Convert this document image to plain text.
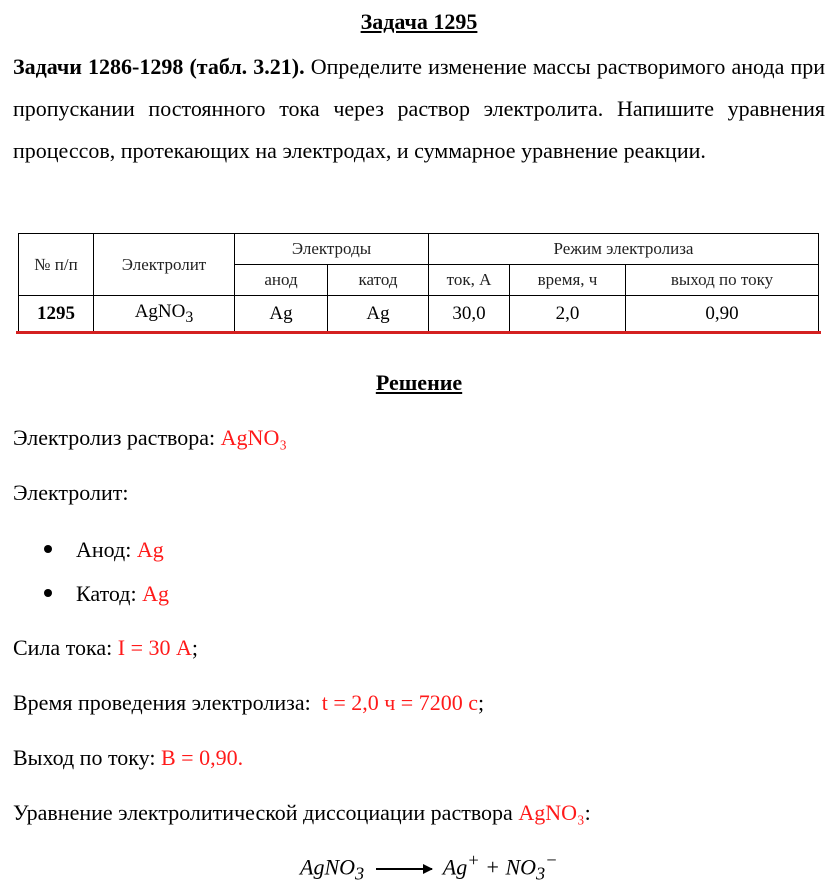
Задача 1295
Задачи 1286-1298 (табл. 3.21). Определите изменение массы растворимого анода при пропускании постоянного тока через раствор электролита. Напишите уравнения процессов, протекающих на электродах, и суммарное уравнение реакции.
№ п/п	Электролит	Электроды		Режим электролиза		
		анод	катод	ток, А	время, ч	выход по току
1295	AgNO$_3$	Ag	Ag	30,0	2,0	0,90
Решение
Электролиз раствора: AgNO₃
Электролит:
Анод: Ag
Катод: Ag
Сила тока: I = 30 А;
Время проведения электролиза:  t = 2,0 ч = 7200 с;
Выход по току: В = 0,90.
Уравнение электролитической диссоциации раствора AgNO₃:
AgNO$_3$	$Ag^+ + NO_3^-$
